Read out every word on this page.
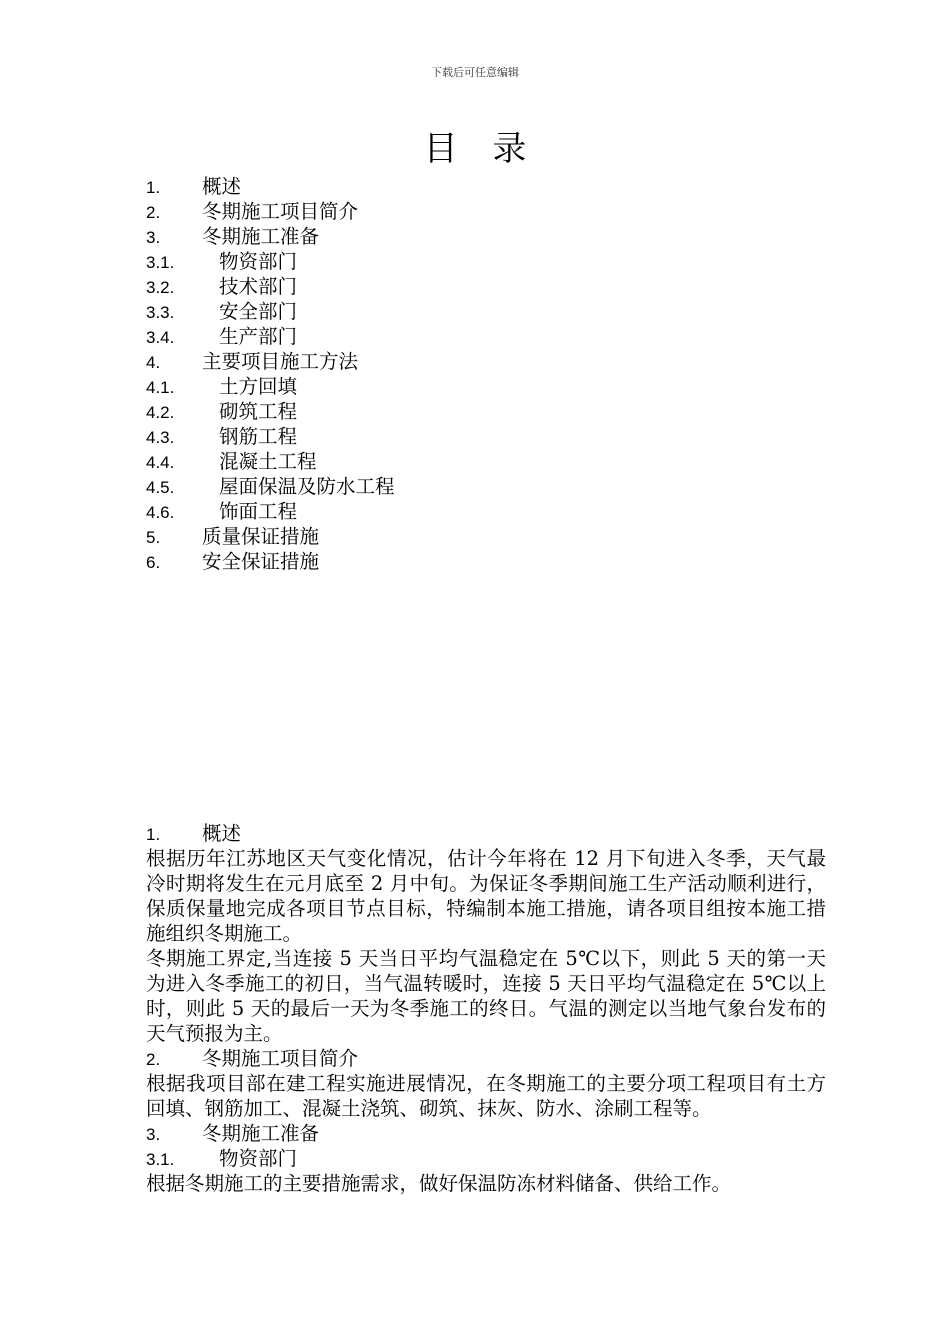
下载后可任意编辑
目 录
1. 概述
2. 冬期施工项目简介
3. 冬期施工准备
3.1. 物资部门
3.2. 技术部门
3.3. 安全部门
3.4. 生产部门
4. 主要项目施工方法
4.1. 土方回填
4.2. 砌筑工程
4.3. 钢筋工程
4.4. 混凝土工程
4.5. 屋面保温及防水工程
4.6. 饰面工程
5. 质量保证措施
6. 安全保证措施
1. 概述

根据历年江苏地区天气变化情况，估计今年将在 12 月下旬进入冬季，天气最冷时期将发生在元月底至 2 月中旬。为保证冬季期间施工生产活动顺利进行，保质保量地完成各项目节点目标，特编制本施工措施，请各项目组按本施工措施组织冬期施工。

冬期施工界定,当连接 5 天当日平均气温稳定在 5℃以下，则此 5 天的第一天为进入冬季施工的初日，当气温转暖时，连接 5 天日平均气温稳定在 5℃以上时，则此 5 天的最后一天为冬季施工的终日。气温的测定以当地气象台发布的天气预报为主。

2. 冬期施工项目简介

根据我项目部在建工程实施进展情况，在冬期施工的主要分项工程项目有土方回填、钢筋加工、混凝土浇筑、砌筑、抹灰、防水、涂刷工程等。

3. 冬期施工准备
3.1. 物资部门

根据冬期施工的主要措施需求，做好保温防冻材料储备、供给工作。
